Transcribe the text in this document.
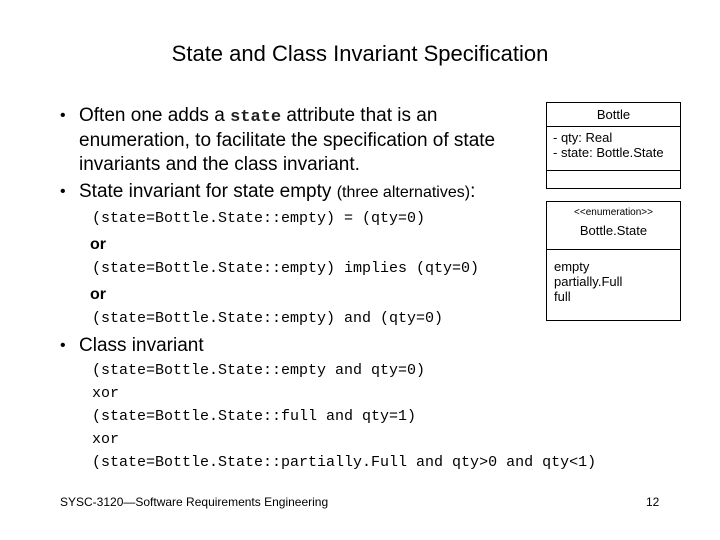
State and Class Invariant Specification
• Often one adds a state attribute that is an
enumeration, to facilitate the specification of state
invariants and the class invariant.
• State invariant for state empty (three alternatives):
(state=Bottle.State::empty) = (qty=0)
or
(state=Bottle.State::empty) implies (qty=0)
or
(state=Bottle.State::empty) and (qty=0)
• Class invariant
(state=Bottle.State::empty and qty=0)
xor
(state=Bottle.State::full and qty=1)
xor
(state=Bottle.State::partially.Full and qty>0 and qty<1)
Bottle
- qty: Real
- state: Bottle.State
<<enumeration>>
Bottle.State
empty
partially.Full
full
SYSC-3120—Software Requirements Engineering	12
